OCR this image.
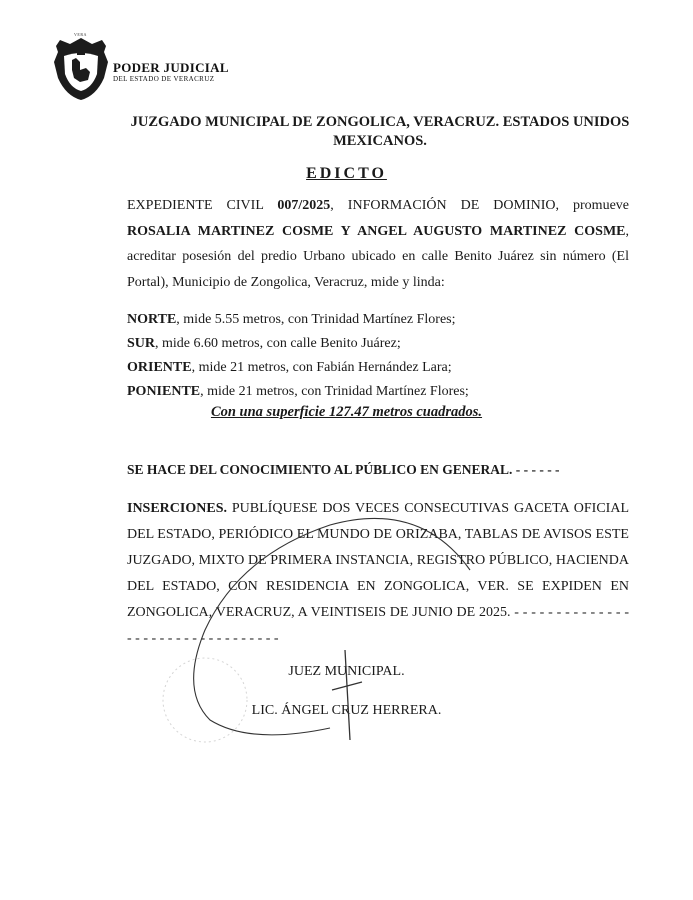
VERA
PODER JUDICIAL
DEL ESTADO DE VERACRUZ
JUZGADO MUNICIPAL DE ZONGOLICA, VERACRUZ. ESTADOS UNIDOS MEXICANOS.
EDICTO
EXPEDIENTE CIVIL 007/2025, INFORMACIÓN DE DOMINIO, promueve ROSALIA MARTINEZ COSME Y ANGEL AUGUSTO MARTINEZ COSME, acreditar posesión del predio Urbano ubicado en calle Benito Juárez sin número (El Portal), Municipio de Zongolica, Veracruz, mide y linda:
NORTE, mide 5.55 metros, con Trinidad Martínez Flores;
SUR, mide 6.60 metros, con calle Benito Juárez;
ORIENTE, mide 21 metros, con Fabián Hernández Lara;
PONIENTE, mide 21 metros, con Trinidad Martínez Flores;
Con una superficie 127.47 metros cuadrados.
SE HACE DEL CONOCIMIENTO AL PÚBLICO EN GENERAL. - - - - - -
INSERCIONES. PUBLÍQUESE DOS VECES CONSECUTIVAS GACETA OFICIAL DEL ESTADO, PERIÓDICO EL MUNDO DE ORIZABA, TABLAS DE AVISOS ESTE JUZGADO, MIXTO DE PRIMERA INSTANCIA, REGISTRO PÚBLICO, HACIENDA DEL ESTADO, CON RESIDENCIA EN ZONGOLICA, VER. SE EXPIDEN EN ZONGOLICA, VERACRUZ, A VEINTISEIS DE JUNIO DE 2025. - - - - - - - - - - - - - - - - - - - - - - - - - - - - - - - - -
JUEZ MUNICIPAL.
LIC. ÁNGEL CRUZ HERRERA.
